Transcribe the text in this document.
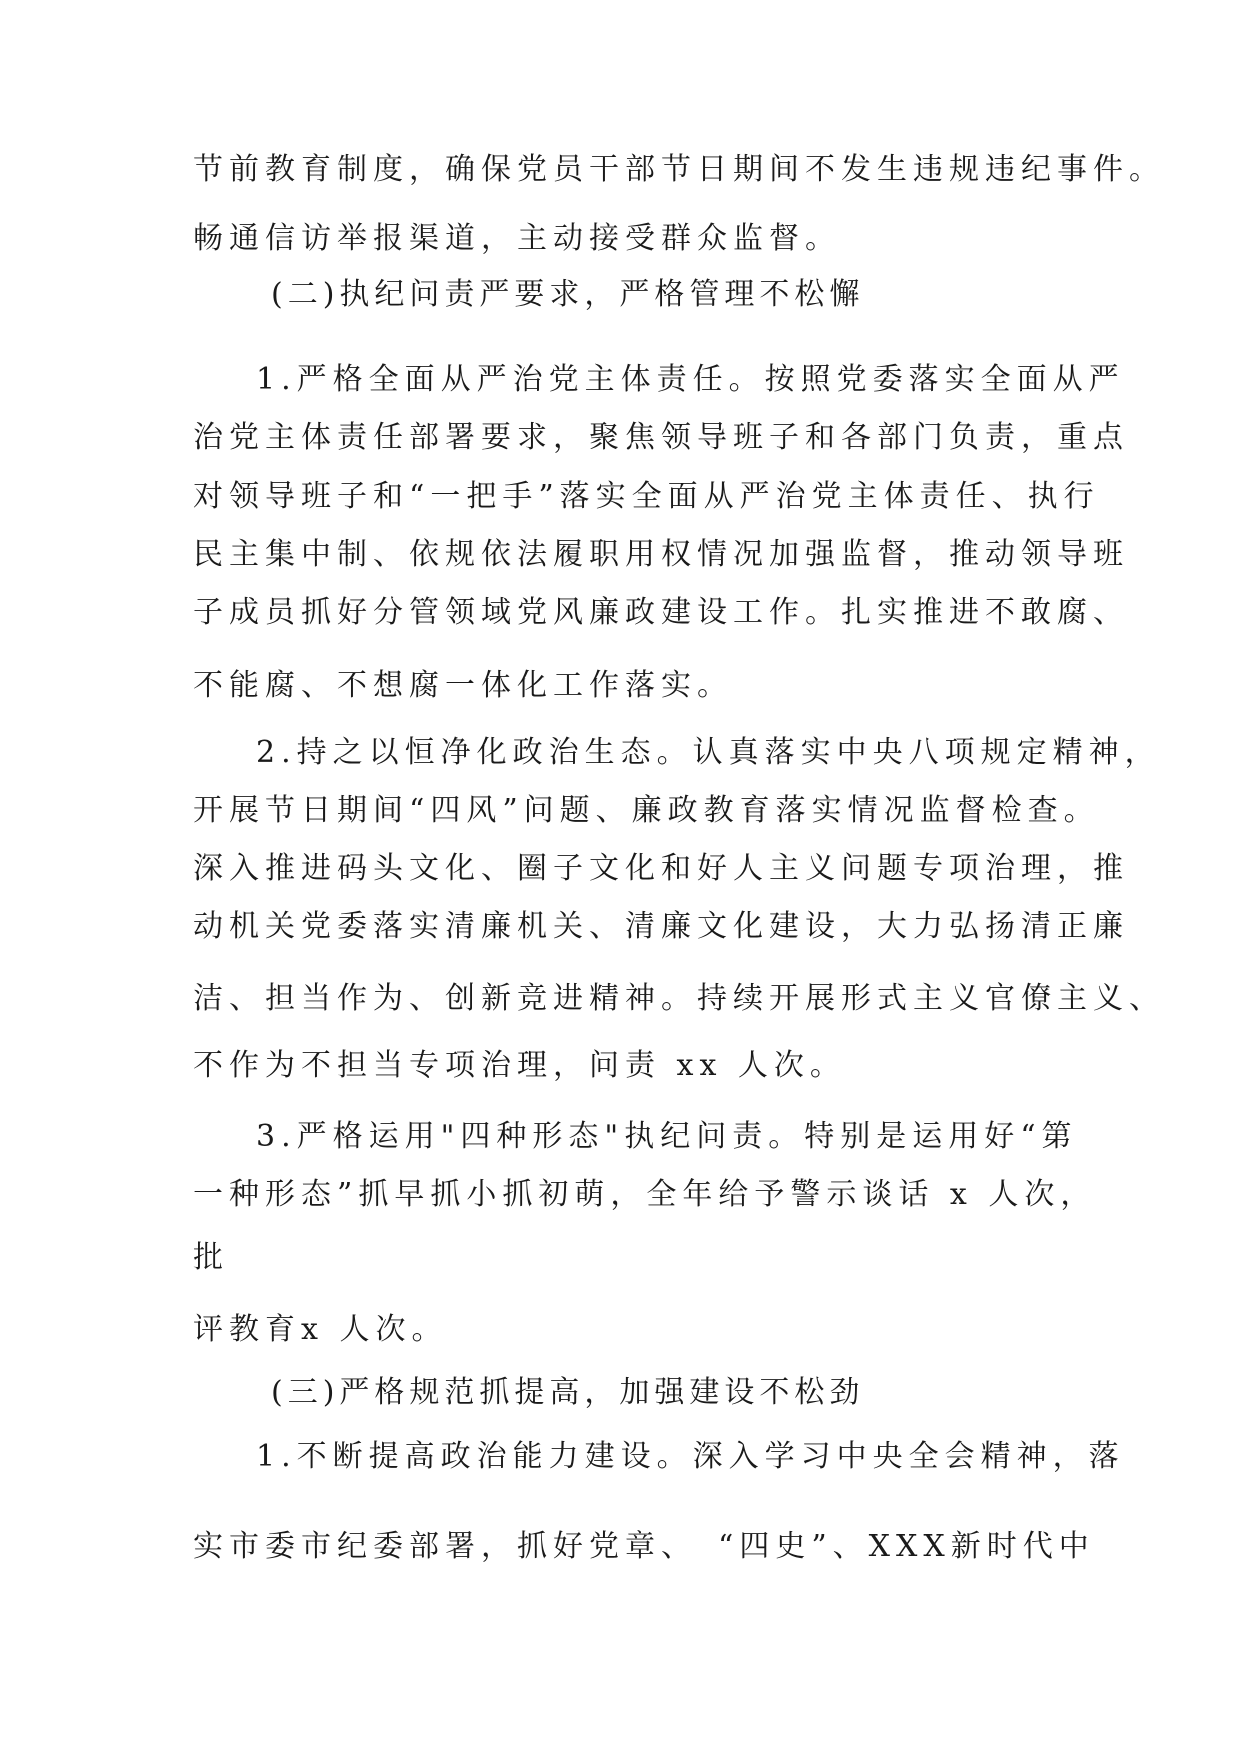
节前教育制度，确保党员干部节日期间不发生违规违纪事件。

畅通信访举报渠道，主动接受群众监督。

(二)执纪问责严要求，严格管理不松懈

1.严格全面从严治党主体责任。按照党委落实全面从严

治党主体责任部署要求，聚焦领导班子和各部门负责，重点

对领导班子和“一把手”落实全面从严治党主体责任、执行

民主集中制、依规依法履职用权情况加强监督，推动领导班

子成员抓好分管领域党风廉政建设工作。扎实推进不敢腐、

不能腐、不想腐一体化工作落实。

2.持之以恒净化政治生态。认真落实中央八项规定精神，

开展节日期间“四风”问题、廉政教育落实情况监督检查。

深入推进码头文化、圈子文化和好人主义问题专项治理，推

动机关党委落实清廉机关、清廉文化建设，大力弘扬清正廉

洁、担当作为、创新竞进精神。持续开展形式主义官僚主义、

不作为不担当专项治理，问责 xx 人次。

3.严格运用"四种形态"执纪问责。特别是运用好“第

一种形态”抓早抓小抓初萌，全年给予警示谈话 x 人次，

批

评教育x 人次。

(三)严格规范抓提高，加强建设不松劲

1.不断提高政治能力建设。深入学习中央全会精神，落

实市委市纪委部署，抓好党章、　“四史”、XXX新时代中
